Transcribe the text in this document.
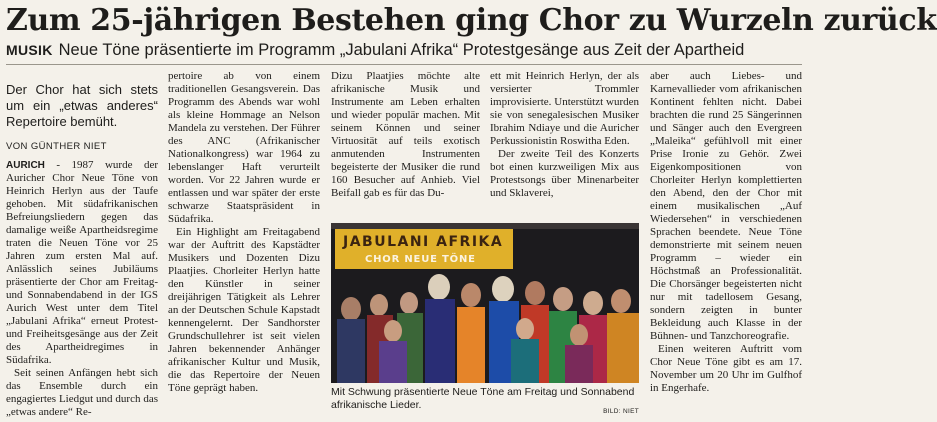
Zum 25-jährigen Bestehen ging Chor zu Wurzeln zurück
MUSIK Neue Töne präsentierte im Programm „Jabulani Afrika“ Protestgesänge aus Zeit der Apartheid
Der Chor hat sich stets um ein „etwas anderes“ Repertoire bemüht.
VON GÜNTHER NIET

AURICH - 1987 wurde der Auricher Chor Neue Töne von Heinrich Herlyn aus der Taufe gehoben. Mit südafrikanischen Befreiungsliedern gegen das damalige weiße Apartheidsregime traten die Neuen Töne vor 25 Jahren zum ersten Mal auf. Anlässlich seines Jubiläums präsentierte der Chor am Freitag- und Sonnabendabend in der IGS Aurich West unter dem Titel „Jabulani Afrika“ erneut Protest- und Freiheitsgesänge aus der Zeit des Apartheidregimes in Südafrika.

Seit seinen Anfängen hebt sich das Ensemble durch ein engagiertes Liedgut und durch das „etwas andere“ Re-

pertoire ab von einem traditionellen Gesangsverein. Das Programm des Abends war wohl als kleine Hommage an Nelson Mandela zu verstehen. Der Führer des ANC (Afrikanischer Nationalkongress) war 1964 zu lebenslanger Haft verurteilt worden. Vor 22 Jahren wurde er entlassen und war später der erste schwarze Staatspräsident in Südafrika.

Ein Highlight am Freitagabend war der Auftritt des Kapstädter Musikers und Dozenten Dizu Plaatjies. Chorleiter Herlyn hatte den Künstler in seiner dreijährigen Tätigkeit als Lehrer an der Deutschen Schule Kapstadt kennengelernt. Der Sandhorster Grundschullehrer ist seit vielen Jahren bekennender Anhänger afrikanischer Kultur und Musik, die das Repertoire der Neuen Töne geprägt haben.

Dizu Plaatjies möchte alte afrikanische Musik und Instrumente am Leben erhalten und wieder populär machen. Mit seinem Können und seiner Virtuosität auf teils exotisch anmutenden Instrumenten begeisterte der Musiker die rund 160 Besucher auf Anhieb. Viel Beifall gab es für das Du-

ett mit Heinrich Herlyn, der als versierter Trommler improvisierte. Unterstützt wurden sie von senegalesischen Musiker Ibrahim Ndiaye und die Auricher Perkussionistin Roswitha Eden.

Der zweite Teil des Konzerts bot einen kurzweiligen Mix aus Protestsongs über Minenarbeiter und Sklaverei,

aber auch Liebes- und Karnevallieder vom afrikanischen Kontinent fehlten nicht. Dabei brachten die rund 25 Sängerinnen und Sänger auch den Evergreen „Maleika“ gefühlvoll mit einer Prise Ironie zu Gehör. Zwei Eigenkompositionen von Chorleiter Herlyn komplettierten den Abend, den der Chor mit einem musikalischen „Auf Wiedersehen“ in verschiedenen Sprachen beendete. Neue Töne demonstrierte mit seinem neuen Programm – wieder ein Höchstmaß an Professionalität. Die Chorsänger begeisterten nicht nur mit tadellosem Gesang, sondern zeigten in bunter Bekleidung auch Klasse in der Bühnen- und Tanzchoreografie.

Einen weiteren Auftritt vom Chor Neue Töne gibt es am 17. November um 20 Uhr im Gulfhof in Engerhafe.

JABULANI AFRIKA
CHOR NEUE TÖNE
Mit Schwung präsentierte Neue Töne am Freitag und Sonnabend afrikanische Lieder.
BILD: NIET
